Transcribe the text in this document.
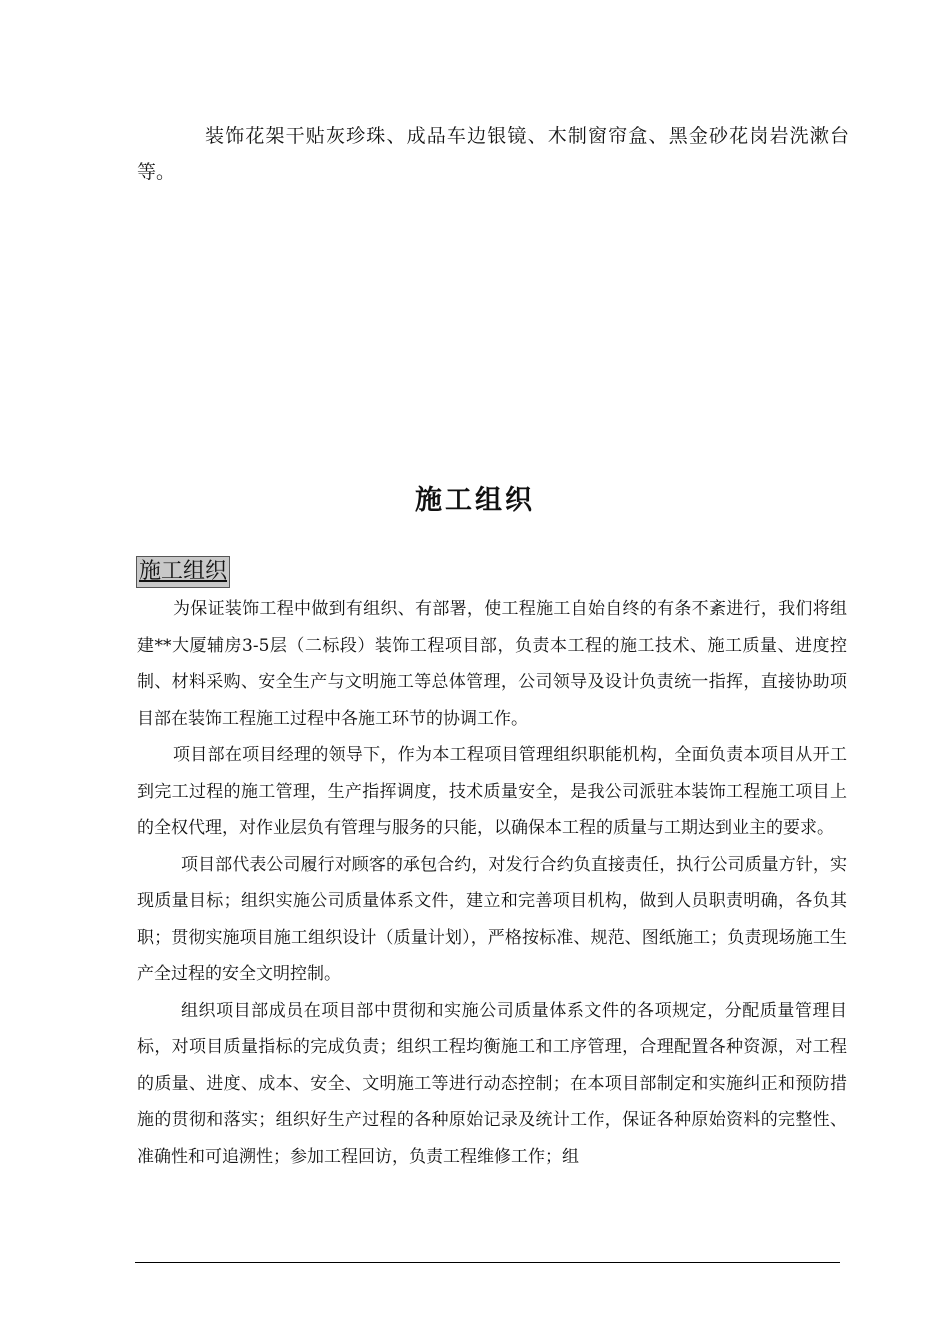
装饰花架干贴灰珍珠、成品车边银镜、木制窗帘盒、黑金砂花岗岩洗漱台等。

施工组织
施工组织

为保证装饰工程中做到有组织、有部署，使工程施工自始自终的有条不紊进行，我们将组建**大厦辅房3-5层（二标段）装饰工程项目部，负责本工程的施工技术、施工质量、进度控制、材料采购、安全生产与文明施工等总体管理，公司领导及设计负责统一指挥，直接协助项目部在装饰工程施工过程中各施工环节的协调工作。

项目部在项目经理的领导下，作为本工程项目管理组织职能机构，全面负责本项目从开工到完工过程的施工管理，生产指挥调度，技术质量安全，是我公司派驻本装饰工程施工项目上的全权代理，对作业层负有管理与服务的只能，以确保本工程的质量与工期达到业主的要求。

项目部代表公司履行对顾客的承包合约，对发行合约负直接责任，执行公司质量方针，实现质量目标；组织实施公司质量体系文件，建立和完善项目机构，做到人员职责明确，各负其职；贯彻实施项目施工组织设计（质量计划），严格按标准、规范、图纸施工；负责现场施工生产全过程的安全文明控制。

组织项目部成员在项目部中贯彻和实施公司质量体系文件的各项规定，分配质量管理目标，对项目质量指标的完成负责；组织工程均衡施工和工序管理，合理配置各种资源，对工程的质量、进度、成本、安全、文明施工等进行动态控制；在本项目部制定和实施纠正和预防措施的贯彻和落实；组织好生产过程的各种原始记录及统计工作，保证各种原始资料的完整性、准确性和可追溯性；参加工程回访，负责工程维修工作；组
